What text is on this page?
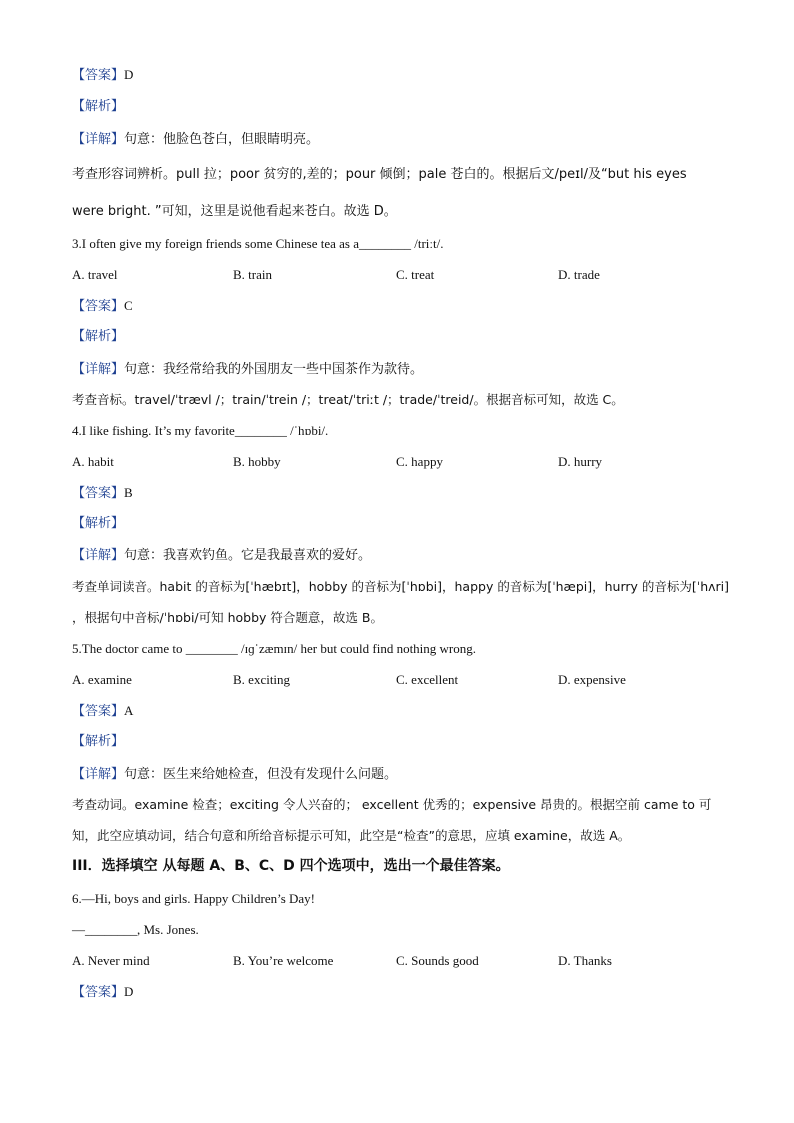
【答案】D
【解析】
【详解】句意：他脸色苍白，但眼睛明亮。
考查形容词辨析。pull 拉；poor 贫穷的,差的；pour 倾倒；pale 苍白的。根据后文/peɪl/及“but his eyes
were bright. ”可知，这里是说他看起来苍白。故选 D。
3.I often give my foreign friends some Chinese tea as a________ /triːt/.
A. travel	B. train	C. treat	D. trade
【答案】C
【解析】
【详解】句意：我经常给我的外国朋友一些中国茶作为款待。
考查音标。travel/ˈtrævl /；train/ˈtrein /；treat/ˈtriːt /；trade/ˈtreid/。根据音标可知，故选 C。
4.I like fishing. It’s my favorite________ /ˈhɒbi/.
A. habit	B. hobby	C. happy	D. hurry
【答案】B
【解析】
【详解】句意：我喜欢钓鱼。它是我最喜欢的爱好。
考查单词读音。habit 的音标为[ˈhæbɪt]，hobby 的音标为[ˈhɒbi]，happy 的音标为[ˈhæpi]，hurry 的音标为[ˈhʌri]
，根据句中音标/ˈhɒbi/可知 hobby 符合题意，故选 B。
5.The doctor came to ________ /ɪɡˈzæmɪn/ her but could find nothing wrong.
A. examine	B. exciting	C. excellent	D. expensive
【答案】A
【解析】
【详解】句意：医生来给她检查，但没有发现什么问题。
考查动词。examine 检查；exciting 令人兴奋的； excellent 优秀的；expensive 昂贵的。根据空前 came to 可
知，此空应填动词，结合句意和所给音标提示可知，此空是“检查”的意思，应填 examine，故选 A。
III．选择填空 从每题 A、B、C、D 四个选项中，选出一个最佳答案。
6.—Hi, boys and girls. Happy Children’s Day!
—________, Ms. Jones.
A. Never mind	B. You’re welcome	C. Sounds good	D. Thanks
【答案】D
